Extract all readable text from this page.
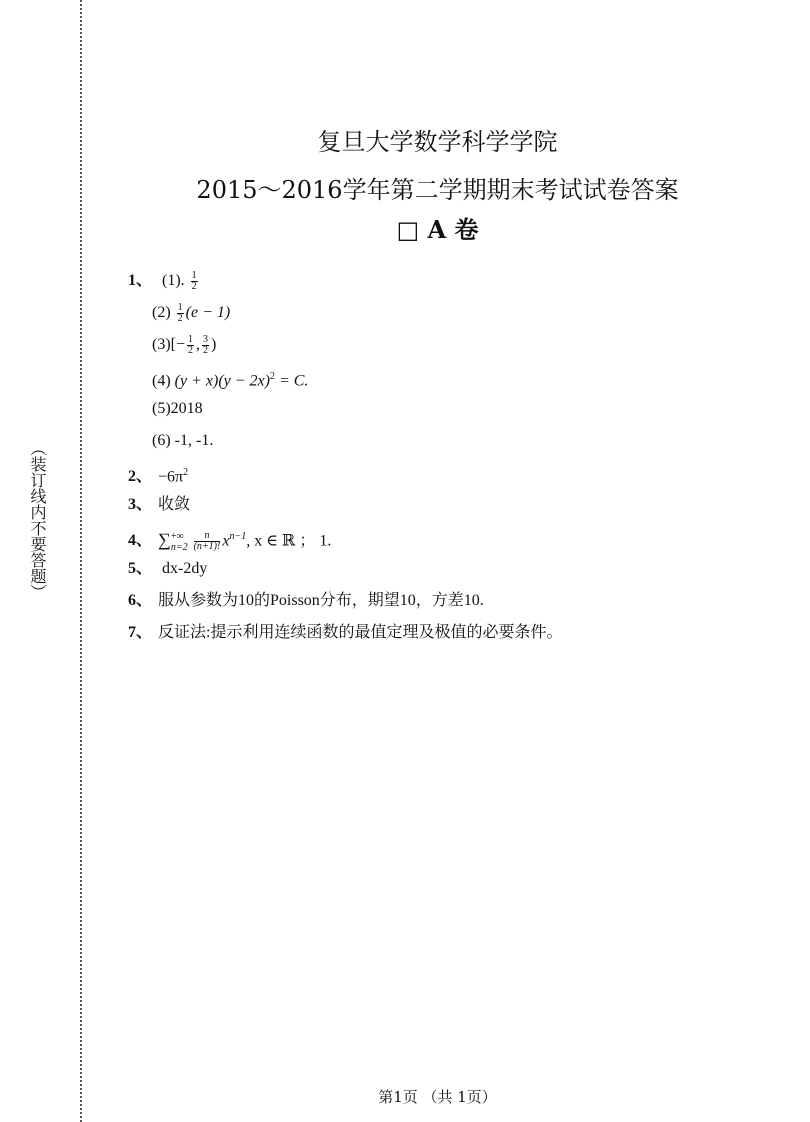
（装订线内不要答题）
复旦大学数学科学学院
2015～2016学年第二学期期末考试试卷答案
□ A 卷
1、 (1). $\frac{1}{2}$
$(2) \frac{1}{2} (e - 1)$
$(3)[- \frac{1}{2}$ , $\frac{3}{2}$ )
(4) $(y + x)(y - 2x)^2 = C$.
(5)2018
(6) -1, -1.
2、 $-6\pi^2$
3、 收敛
4、 ∑ +∞
$n=2 \frac{n}{(n+1)!} x^{n-1}$, x ∈ ℝ ； 1.
5、 dx-2dy
6、 服从参数为10的Poisson分布，期望10，方差10.
7、 反证法:提示利用连续函数的最值定理及极值的必要条件。
第1页 （共 1页）
